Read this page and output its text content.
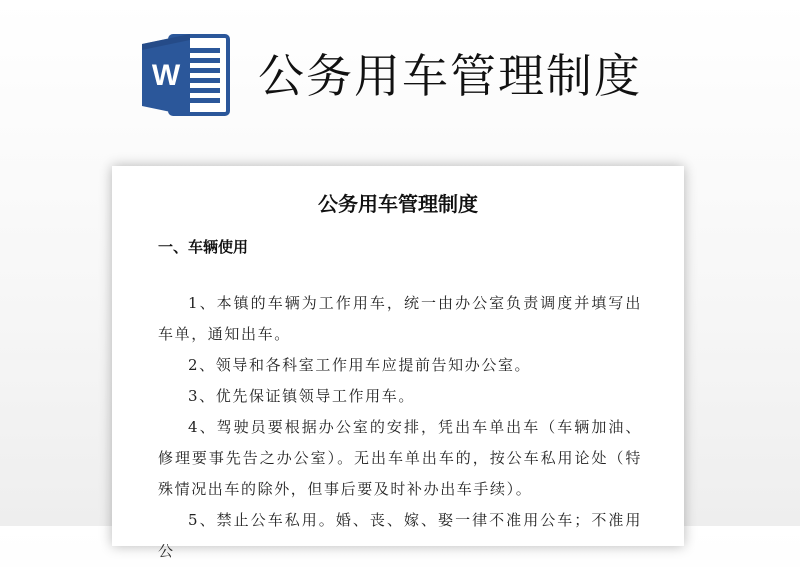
W 公务用车管理制度
公务用车管理制度
一、车辆使用

1、本镇的车辆为工作用车，统一由办公室负责调度并填写出车单，通知出车。

2、领导和各科室工作用车应提前告知办公室。

3、优先保证镇领导工作用车。

4、驾驶员要根据办公室的安排，凭出车单出车（车辆加油、修理要事先告之办公室）。无出车单出车的，按公车私用论处（特殊情况出车的除外，但事后要及时补办出车手续）。

5、禁止公车私用。婚、丧、嫁、娶一律不准用公车；不准用公
